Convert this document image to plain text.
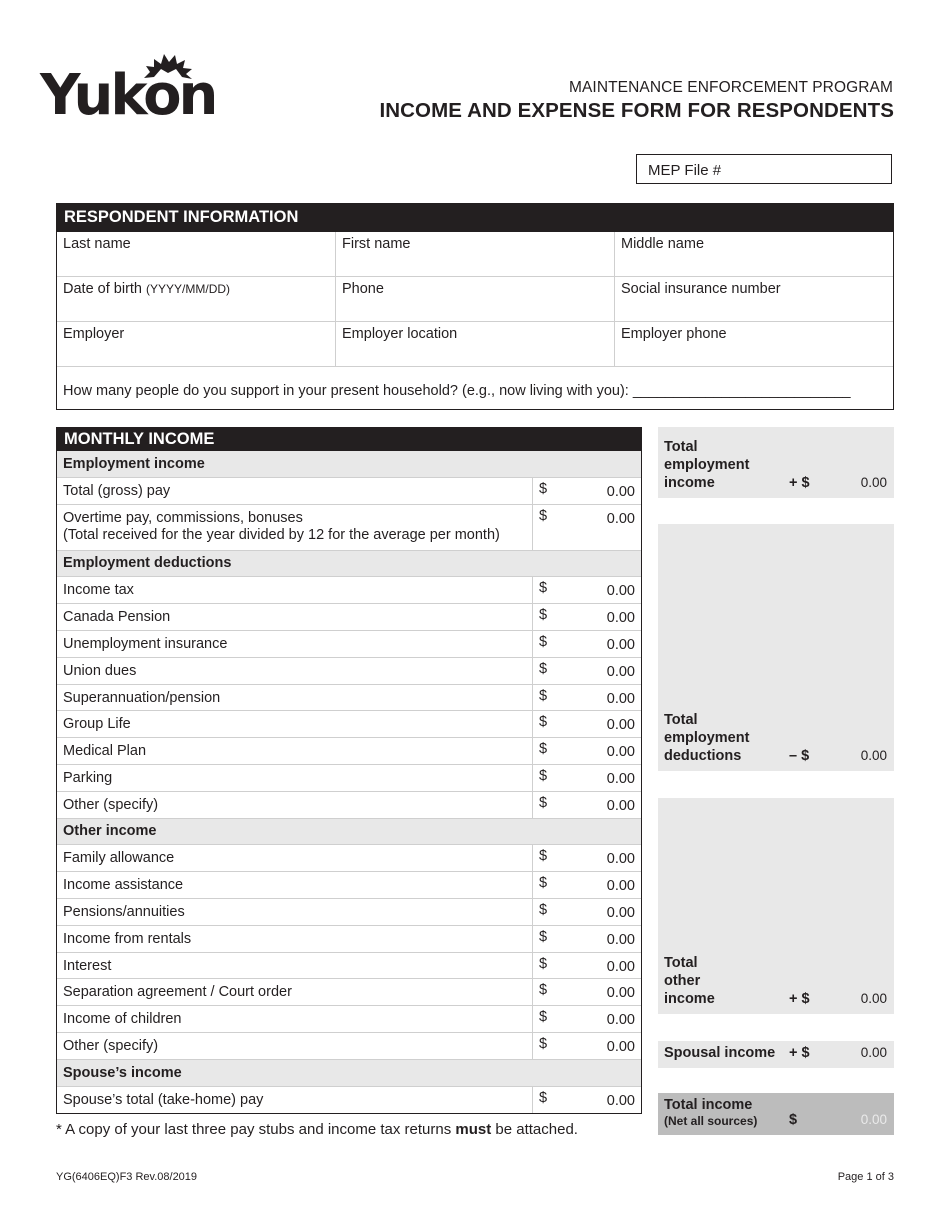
Yukon	MAINTENANCE ENFORCEMENT PROGRAM
INCOME AND EXPENSE FORM FOR RESPONDENTS
MEP File #
RESPONDENT INFORMATION
Last name	First name	Middle name
Date of birth (YYYY/MM/DD)	Phone	Social insurance number
Employer	Employer location	Employer phone
How many people do you support in your present household? (e.g., now living with you): ___________________________
MONTHLY INCOME
Employment income
Total (gross) pay	$	0.00
Overtime pay, commissions, bonuses
(Total received for the year divided by 12 for the average per month)
$	0.00
Employment deductions
Income tax	$	0.00
Canada Pension	$	0.00
Unemployment insurance	$	0.00
Union dues	$	0.00
Superannuation/pension	$	0.00
Group Life	$	0.00
Medical Plan	$	0.00
Parking	$	0.00
Other (specify)	$	0.00
Other income
Family allowance	$	0.00
Income assistance	$	0.00
Pensions/annuities	$	0.00
Income from rentals	$	0.00
Interest	$	0.00
Separation agreement / Court order	$	0.00
Income of children	$	0.00
Other (specify)	$	0.00
Spouse’s income
Spouse’s total (take-home) pay	$	0.00
Total
employment
income	+ $	0.00
Total
employment
deductions	– $	0.00
Total
other
income	+ $	0.00
Spousal income + $	0.00
Total income
(Net all sources) $	0.00
* A copy of your last three pay stubs and income tax returns must be attached.
YG(6406EQ)F3 Rev.08/2019	Page 1 of 3
